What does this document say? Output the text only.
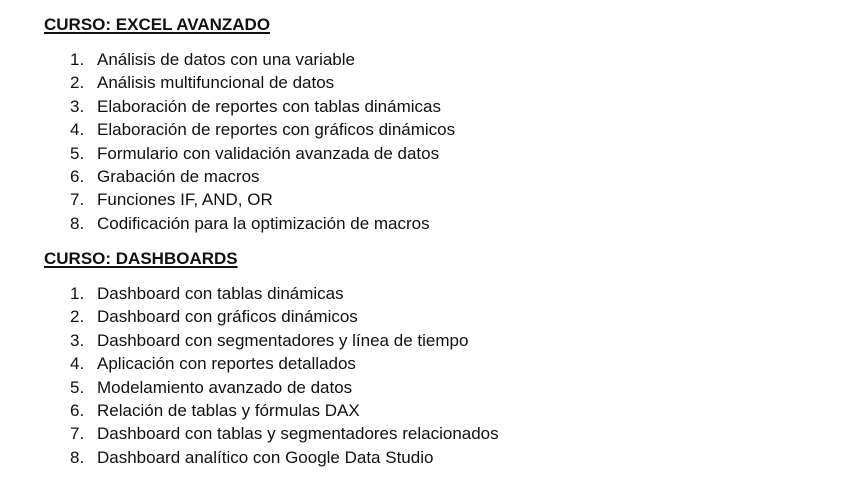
CURSO: EXCEL AVANZADO
1. Análisis de datos con una variable
2. Análisis multifuncional de datos
3. Elaboración de reportes con tablas dinámicas
4. Elaboración de reportes con gráficos dinámicos
5. Formulario con validación avanzada de datos
6. Grabación de macros
7. Funciones IF, AND, OR
8. Codificación para la optimización de macros
CURSO: DASHBOARDS
1. Dashboard con tablas dinámicas
2. Dashboard con gráficos dinámicos
3. Dashboard con segmentadores y línea de tiempo
4. Aplicación con reportes detallados
5. Modelamiento avanzado de datos
6. Relación de tablas y fórmulas DAX
7. Dashboard con tablas y segmentadores relacionados
8. Dashboard analítico con Google Data Studio
